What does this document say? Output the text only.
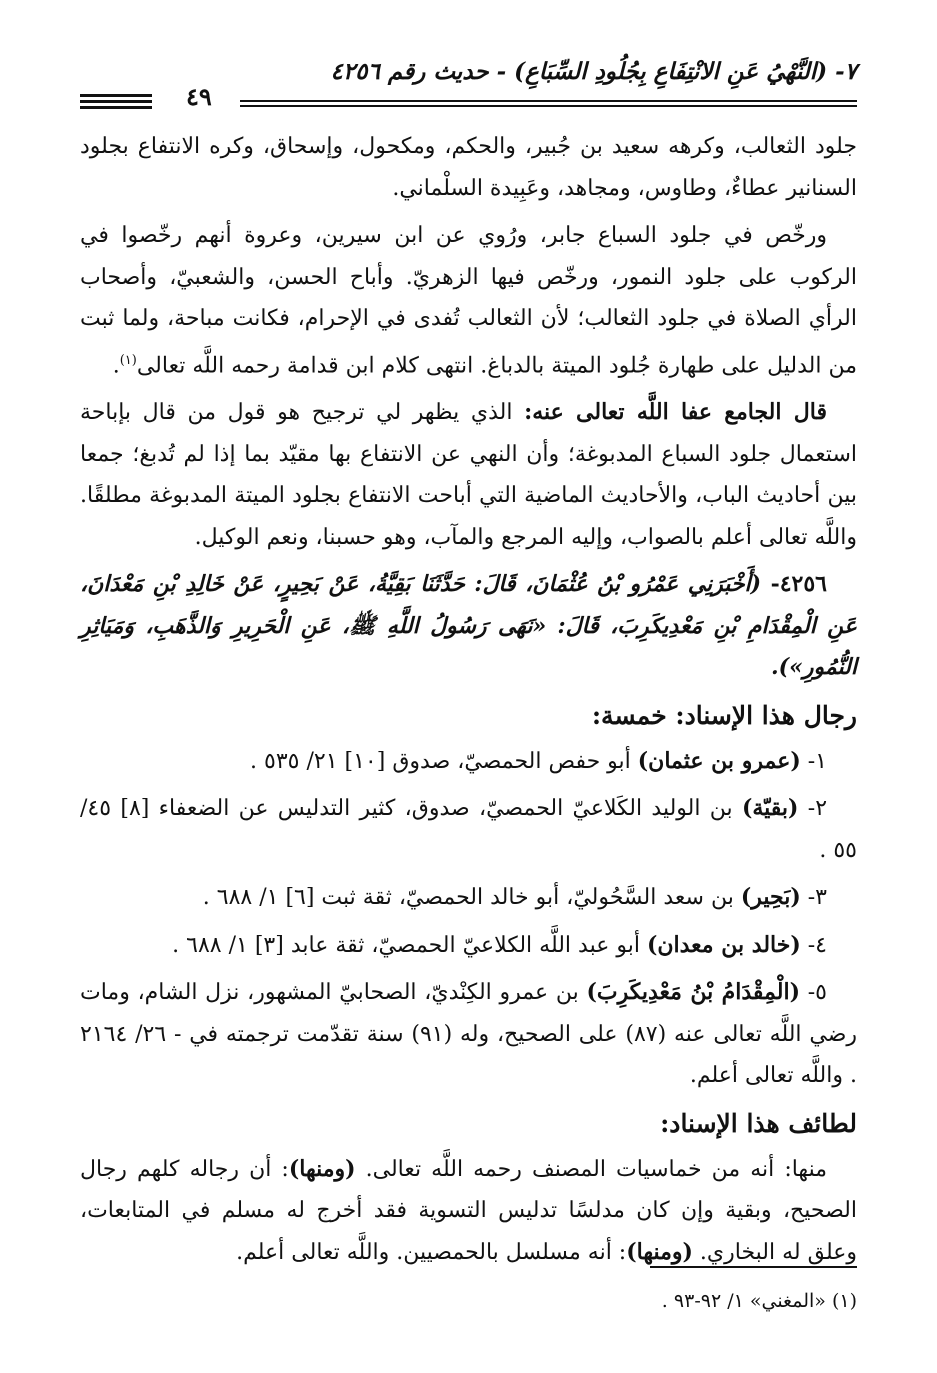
٧- (النَّهْيُ عَنِ الانْتِفَاعِ بِجُلُودِ السِّبَاعِ) - حديث رقم ٤٢٥٦
٤٩

جلود الثعالب، وكرهه سعيد بن جُبير، والحكم، ومكحول، وإسحاق، وكره الانتفاع بجلود السنانير عطاءٌ، وطاوس، ومجاهد، وعَبِيدة السلْماني.

ورخّص في جلود السباع جابر، ورُوي عن ابن سيرين، وعروة أنهم رخّصوا في الركوب على جلود النمور، ورخّص فيها الزهريّ. وأباح الحسن، والشعبيّ، وأصحاب الرأي الصلاة في جلود الثعالب؛ لأن الثعالب تُفدى في الإحرام، فكانت مباحة، ولما ثبت من الدليل على طهارة جُلود الميتة بالدباغ. انتهى كلام ابن قدامة رحمه اللَّه تعالى$^{(١)}$.

قال الجامع عفا اللَّه تعالى عنه: الذي يظهر لي ترجيح هو قول من قال بإباحة استعمال جلود السباع المدبوغة؛ وأن النهي عن الانتفاع بها مقيّد بما إذا لم تُدبغ؛ جمعا بين أحاديث الباب، والأحاديث الماضية التي أباحت الانتفاع بجلود الميتة المدبوغة مطلقًا. واللَّه تعالى أعلم بالصواب، وإليه المرجع والمآب، وهو حسبنا، ونعم الوكيل.

٤٢٥٦- (أَخْبَرَنِي عَمْرُو بْنُ عُثْمَانَ، قَالَ: حَدَّثَنَا بَقِيَّةُ، عَنْ بَحِيرٍ، عَنْ خَالِدِ بْنِ مَعْدَانَ، عَنِ الْمِقْدَامِ بْنِ مَعْدِيكَرِبَ، قَالَ: «نَهَى رَسُولُ اللَّهِ ﷺ، عَنِ الْحَرِيرِ وَالذَّهَبِ، وَمَيَاثِرِ النُّمُورِ»).

رجال هذا الإسناد: خمسة:

١- (عمرو بن عثمان) أبو حفص الحمصيّ، صدوق [١٠] ٢١/ ٥٣٥ .

٢- (بقيّة) بن الوليد الكَلاعيّ الحمصيّ، صدوق، كثير التدليس عن الضعفاء [٨] ٤٥/ ٥٥ .

٣- (بَحِير) بن سعد السَّحُوليّ، أبو خالد الحمصيّ، ثقة ثبت [٦] ١/ ٦٨٨ .

٤- (خالد بن معدان) أبو عبد اللَّه الكلاعيّ الحمصيّ، ثقة عابد [٣] ١/ ٦٨٨ .

٥- (الْمِقْدَامُ بْنُ مَعْدِيكَرِبَ) بن عمرو الكِنْديّ، الصحابيّ المشهور، نزل الشام، ومات رضي اللَّه تعالى عنه (٨٧) على الصحيح، وله (٩١) سنة تقدّمت ترجمته في - ٢٦/ ٢١٦٤ . واللَّه تعالى أعلم.

لطائف هذا الإسناد:

منها: أنه من خماسيات المصنف رحمه اللَّه تعالى. (ومنها): أن رجاله كلهم رجال الصحيح، وبقية وإن كان مدلسًا تدليس التسوية فقد أخرج له مسلم في المتابعات، وعلق له البخاري. (ومنها): أنه مسلسل بالحمصيين. واللَّه تعالى أعلم.

(١) «المغني» ١/ ٩٢-٩٣ .
